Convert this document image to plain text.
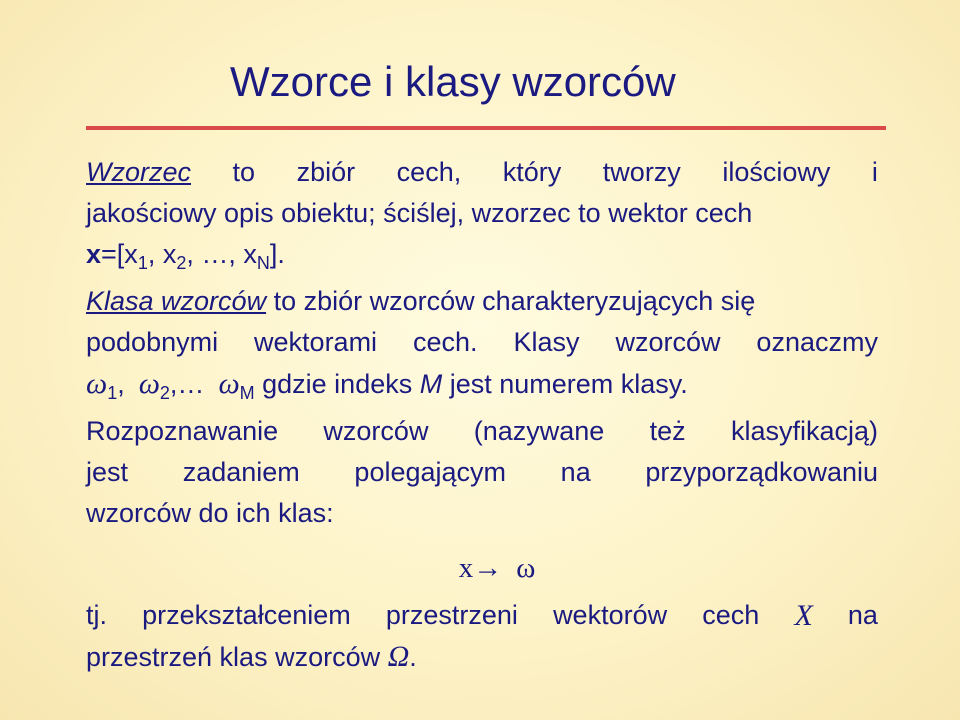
Wzorce i klasy wzorców
Wzorzec to zbiór cech, który tworzy ilościowy i
jakościowy opis obiektu; ściślej, wzorzec to wektor cech
$x=[x_1$, $x_2$, …, $x_N$].
Klasa wzorców to zbiór wzorców charakteryzujących się
podobnymi wektorami cech. Klasy wzorców oznaczmy
$\omega_1$, $\omega_2,\dots$ $\omega_M$ gdzie indeks M jest numerem klasy.
Rozpoznawanie wzorców (nazywane też klasyfikacją)
jest zadaniem polegającym na przyporządkowaniu
wzorców do ich klas:
x→ ω
tj. przekształceniem przestrzeni wektorów cech X na
przestrzeń klas wzorców Ω.
